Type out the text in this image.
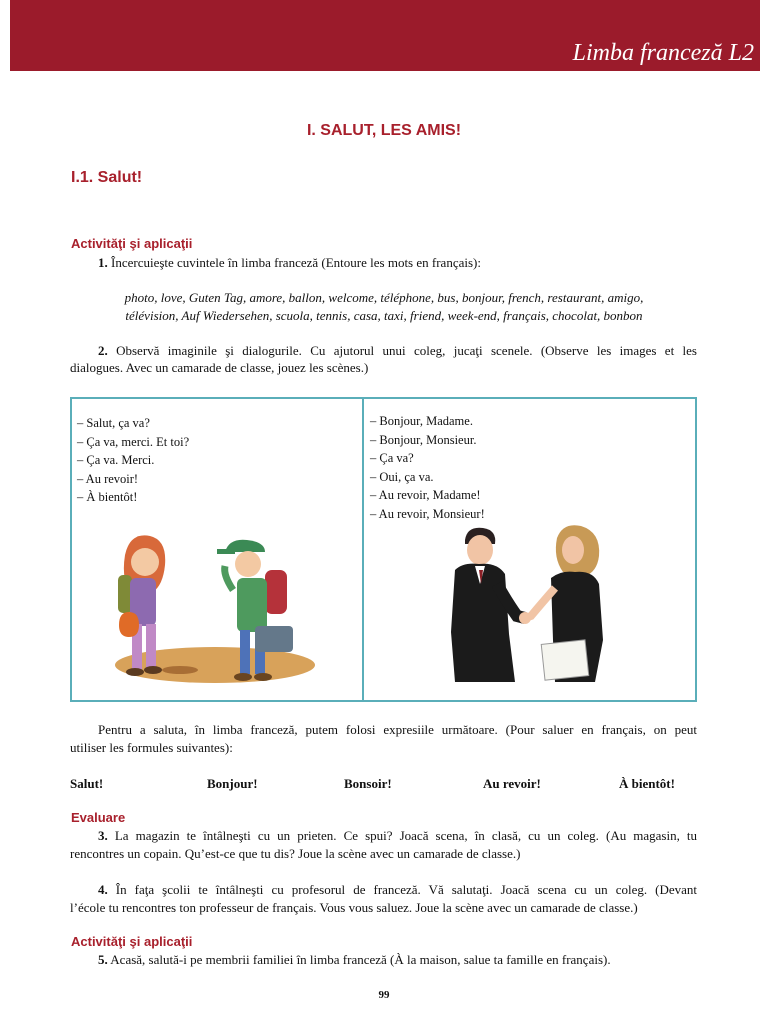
Limba franceză L2
I. SALUT, LES AMIS!
I.1. Salut!
Activităţi şi aplicaţii
1. Încercuieşte cuvintele în limba franceză (Entoure les mots en français):
photo, love, Guten Tag, amore, ballon, welcome, téléphone, bus, bonjour, french, restaurant, amigo,
télévision, Auf Wiedersehen, scuola, tennis, casa, taxi, friend, week-end, français, chocolat, bonbon
2. Observă imaginile şi dialogurile. Cu ajutorul unui coleg, jucaţi scenele. (Observe les images et les
dialogues. Avec un camarade de classe, jouez les scènes.)
– Salut, ça va?
– Ça va, merci. Et toi?
– Ça va. Merci.
– Au revoir!
– À bientôt!
– Bonjour, Madame.
– Bonjour, Monsieur.
– Ça va?
– Oui, ça va.
– Au revoir, Madame!
– Au revoir, Monsieur!
Pentru a saluta, în limba franceză, putem folosi expresiile următoare. (Pour saluer en français, on peut
utiliser les formules suivantes):
Salut!	Bonjour!	Bonsoir!	Au revoir!	À bientôt!
Evaluare
3. La magazin te întâlneşti cu un prieten. Ce spui? Joacă scena, în clasă, cu un coleg. (Au magasin, tu
rencontres un copain. Qu’est-ce que tu dis? Joue la scène avec un camarade de classe.)
4. În faţa şcolii te întâlneşti cu profesorul de franceză. Vă salutaţi. Joacă scena cu un coleg. (Devant
l’école tu rencontres ton professeur de français. Vous vous saluez. Joue la scène avec un camarade de classe.)
Activităţi şi aplicaţii
5. Acasă, salută-i pe membrii familiei în limba franceză (À la maison, salue ta famille en français).
99
